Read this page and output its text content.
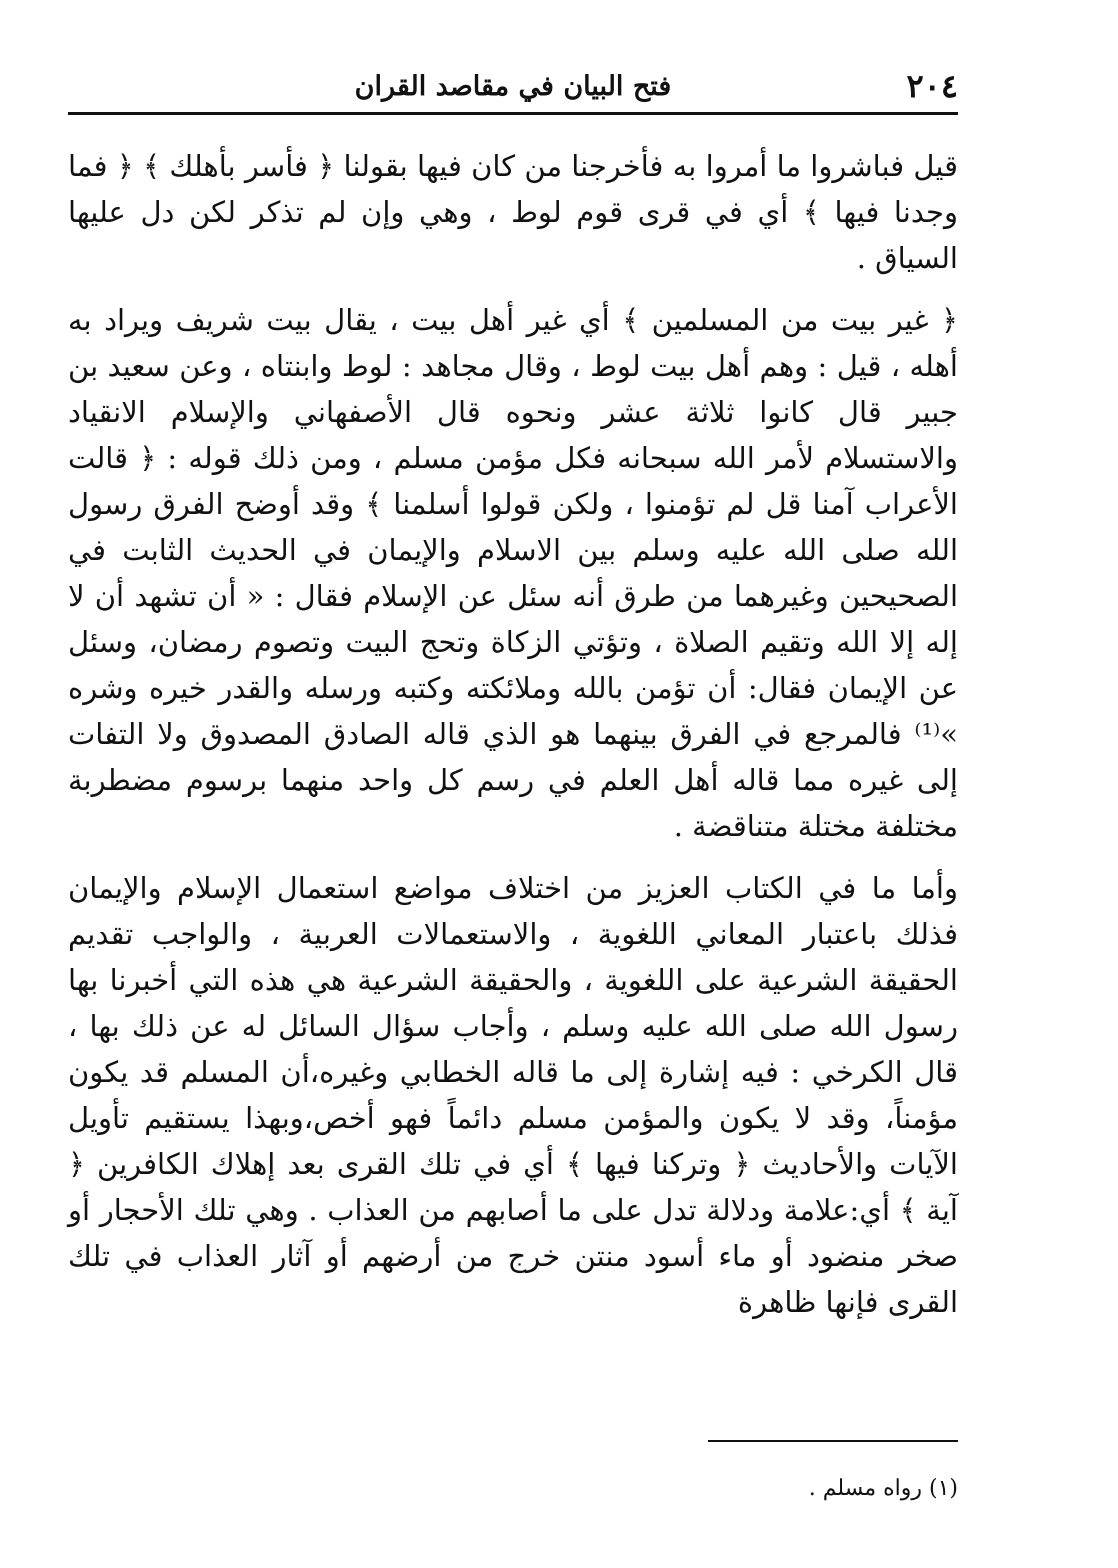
٢٠٤
فتح البيان في مقاصد القران

قيل فباشروا ما أمروا به فأخرجنا من كان فيها بقولنا ﴿ فأسر بأهلك ﴾ ﴿ فما وجدنا فيها ﴾ أي في قرى قوم لوط ، وهي وإن لم تذكر لكن دل عليها السياق .

﴿ غير بيت من المسلمين ﴾ أي غير أهل بيت ، يقال بيت شريف ويراد به أهله ، قيل : وهم أهل بيت لوط ، وقال مجاهد : لوط وابنتاه ، وعن سعيد بن جبير قال كانوا ثلاثة عشر ونحوه قال الأصفهاني والإسلام الانقياد والاستسلام لأمر الله سبحانه فكل مؤمن مسلم ، ومن ذلك قوله : ﴿ قالت الأعراب آمنا قل لم تؤمنوا ، ولكن قولوا أسلمنا ﴾ وقد أوضح الفرق رسول الله صلى الله عليه وسلم بين الاسلام والإيمان في الحديث الثابت في الصحيحين وغيرهما من طرق أنه سئل عن الإسلام فقال : « أن تشهد أن لا إله إلا الله وتقيم الصلاة ، وتؤتي الزكاة وتحج البيت وتصوم رمضان، وسئل عن الإيمان فقال: أن تؤمن بالله وملائكته وكتبه ورسله والقدر خيره وشره »⁽¹⁾ فالمرجع في الفرق بينهما هو الذي قاله الصادق المصدوق ولا التفات إلى غيره مما قاله أهل العلم في رسم كل واحد منهما برسوم مضطربة مختلفة مختلة متناقضة .

وأما ما في الكتاب العزيز من اختلاف مواضع استعمال الإسلام والإيمان فذلك باعتبار المعاني اللغوية ، والاستعمالات العربية ، والواجب تقديم الحقيقة الشرعية على اللغوية ، والحقيقة الشرعية هي هذه التي أخبرنا بها رسول الله صلى الله عليه وسلم ، وأجاب سؤال السائل له عن ذلك بها ، قال الكرخي : فيه إشارة إلى ما قاله الخطابي وغيره،أن المسلم قد يكون مؤمناً، وقد لا يكون والمؤمن مسلم دائماً فهو أخص،وبهذا يستقيم تأويل الآيات والأحاديث ﴿ وتركنا فيها ﴾ أي في تلك القرى بعد إهلاك الكافرين ﴿ آية ﴾ أي:علامة ودلالة تدل على ما أصابهم من العذاب . وهي تلك الأحجار أو صخر منضود أو ماء أسود منتن خرج من أرضهم أو آثار العذاب في تلك القرى فإنها ظاهرة

(١) رواه مسلم .
